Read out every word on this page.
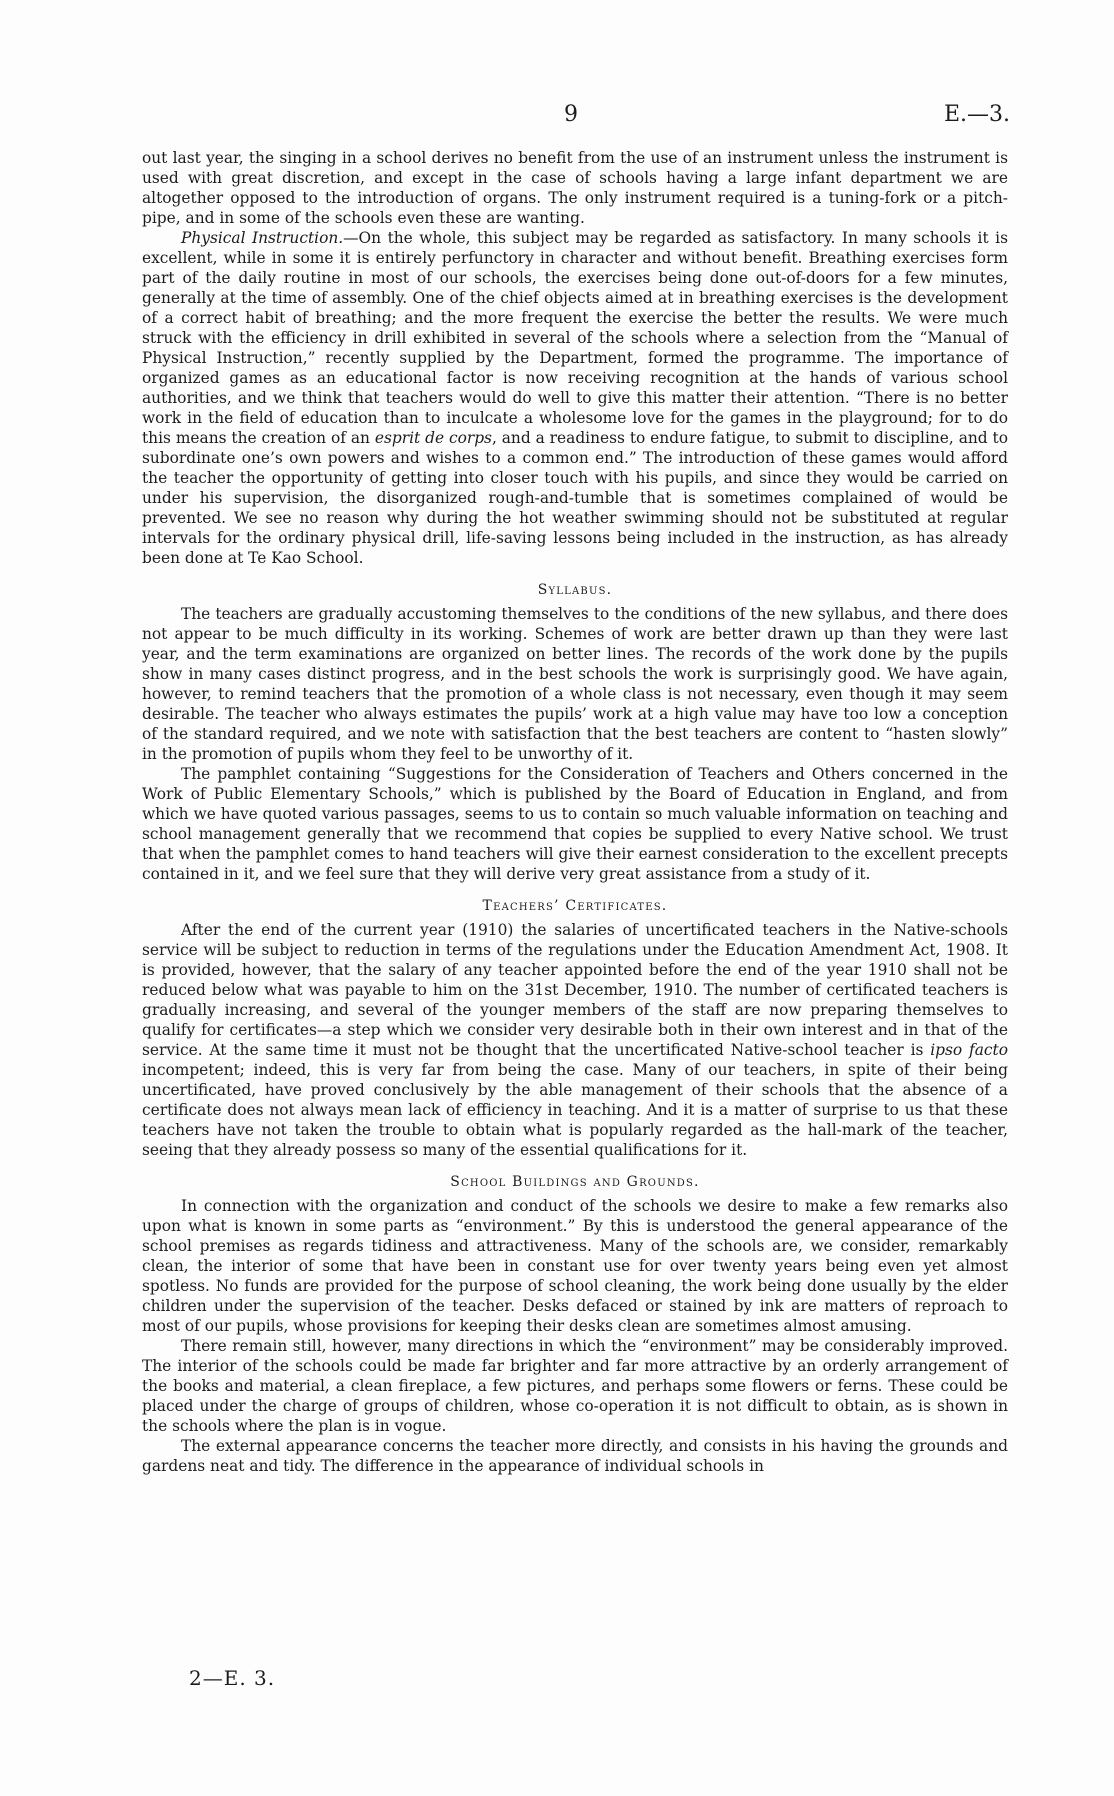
9	E.—3.

out last year, the singing in a school derives no benefit from the use of an instrument unless the instrument is used with great discretion, and except in the case of schools having a large infant department we are altogether opposed to the introduction of organs. The only instrument required is a tuning-fork or a pitch-pipe, and in some of the schools even these are wanting.

Physical Instruction.—On the whole, this subject may be regarded as satisfactory. In many schools it is excellent, while in some it is entirely perfunctory in character and without benefit. Breathing exercises form part of the daily routine in most of our schools, the exercises being done out-of-doors for a few minutes, generally at the time of assembly. One of the chief objects aimed at in breathing exercises is the development of a correct habit of breathing; and the more frequent the exercise the better the results. We were much struck with the efficiency in drill exhibited in several of the schools where a selection from the “Manual of Physical Instruction,” recently supplied by the Department, formed the programme. The importance of organized games as an educational factor is now receiving recognition at the hands of various school authorities, and we think that teachers would do well to give this matter their attention. “There is no better work in the field of education than to inculcate a wholesome love for the games in the playground; for to do this means the creation of an esprit de corps, and a readiness to endure fatigue, to submit to discipline, and to subordinate one’s own powers and wishes to a common end.” The introduction of these games would afford the teacher the opportunity of getting into closer touch with his pupils, and since they would be carried on under his supervision, the disorganized rough-and-tumble that is sometimes complained of would be prevented. We see no reason why during the hot weather swimming should not be substituted at regular intervals for the ordinary physical drill, life-saving lessons being included in the instruction, as has already been done at Te Kao School.

Syllabus.

The teachers are gradually accustoming themselves to the conditions of the new syllabus, and there does not appear to be much difficulty in its working. Schemes of work are better drawn up than they were last year, and the term examinations are organized on better lines. The records of the work done by the pupils show in many cases distinct progress, and in the best schools the work is surprisingly good. We have again, however, to remind teachers that the promotion of a whole class is not necessary, even though it may seem desirable. The teacher who always estimates the pupils’ work at a high value may have too low a conception of the standard required, and we note with satisfaction that the best teachers are content to “hasten slowly” in the promotion of pupils whom they feel to be unworthy of it.

The pamphlet containing “Suggestions for the Consideration of Teachers and Others concerned in the Work of Public Elementary Schools,” which is published by the Board of Education in England, and from which we have quoted various passages, seems to us to contain so much valuable information on teaching and school management generally that we recommend that copies be supplied to every Native school. We trust that when the pamphlet comes to hand teachers will give their earnest consideration to the excellent precepts contained in it, and we feel sure that they will derive very great assistance from a study of it.

Teachers’ Certificates.

After the end of the current year (1910) the salaries of uncertificated teachers in the Native-schools service will be subject to reduction in terms of the regulations under the Education Amendment Act, 1908. It is provided, however, that the salary of any teacher appointed before the end of the year 1910 shall not be reduced below what was payable to him on the 31st December, 1910. The number of certificated teachers is gradually increasing, and several of the younger members of the staff are now preparing themselves to qualify for certificates—a step which we consider very desirable both in their own interest and in that of the service. At the same time it must not be thought that the uncertificated Native-school teacher is ipso facto incompetent; indeed, this is very far from being the case. Many of our teachers, in spite of their being uncertificated, have proved conclusively by the able management of their schools that the absence of a certificate does not always mean lack of efficiency in teaching. And it is a matter of surprise to us that these teachers have not taken the trouble to obtain what is popularly regarded as the hall-mark of the teacher, seeing that they already possess so many of the essential qualifications for it.

School Buildings and Grounds.

In connection with the organization and conduct of the schools we desire to make a few remarks also upon what is known in some parts as “environment.” By this is understood the general appearance of the school premises as regards tidiness and attractiveness. Many of the schools are, we consider, remarkably clean, the interior of some that have been in constant use for over twenty years being even yet almost spotless. No funds are provided for the purpose of school cleaning, the work being done usually by the elder children under the supervision of the teacher. Desks defaced or stained by ink are matters of reproach to most of our pupils, whose provisions for keeping their desks clean are sometimes almost amusing.

There remain still, however, many directions in which the “environment” may be considerably improved. The interior of the schools could be made far brighter and far more attractive by an orderly arrangement of the books and material, a clean fireplace, a few pictures, and perhaps some flowers or ferns. These could be placed under the charge of groups of children, whose co-operation it is not difficult to obtain, as is shown in the schools where the plan is in vogue.

The external appearance concerns the teacher more directly, and consists in his having the grounds and gardens neat and tidy. The difference in the appearance of individual schools in

2—E. 3.
